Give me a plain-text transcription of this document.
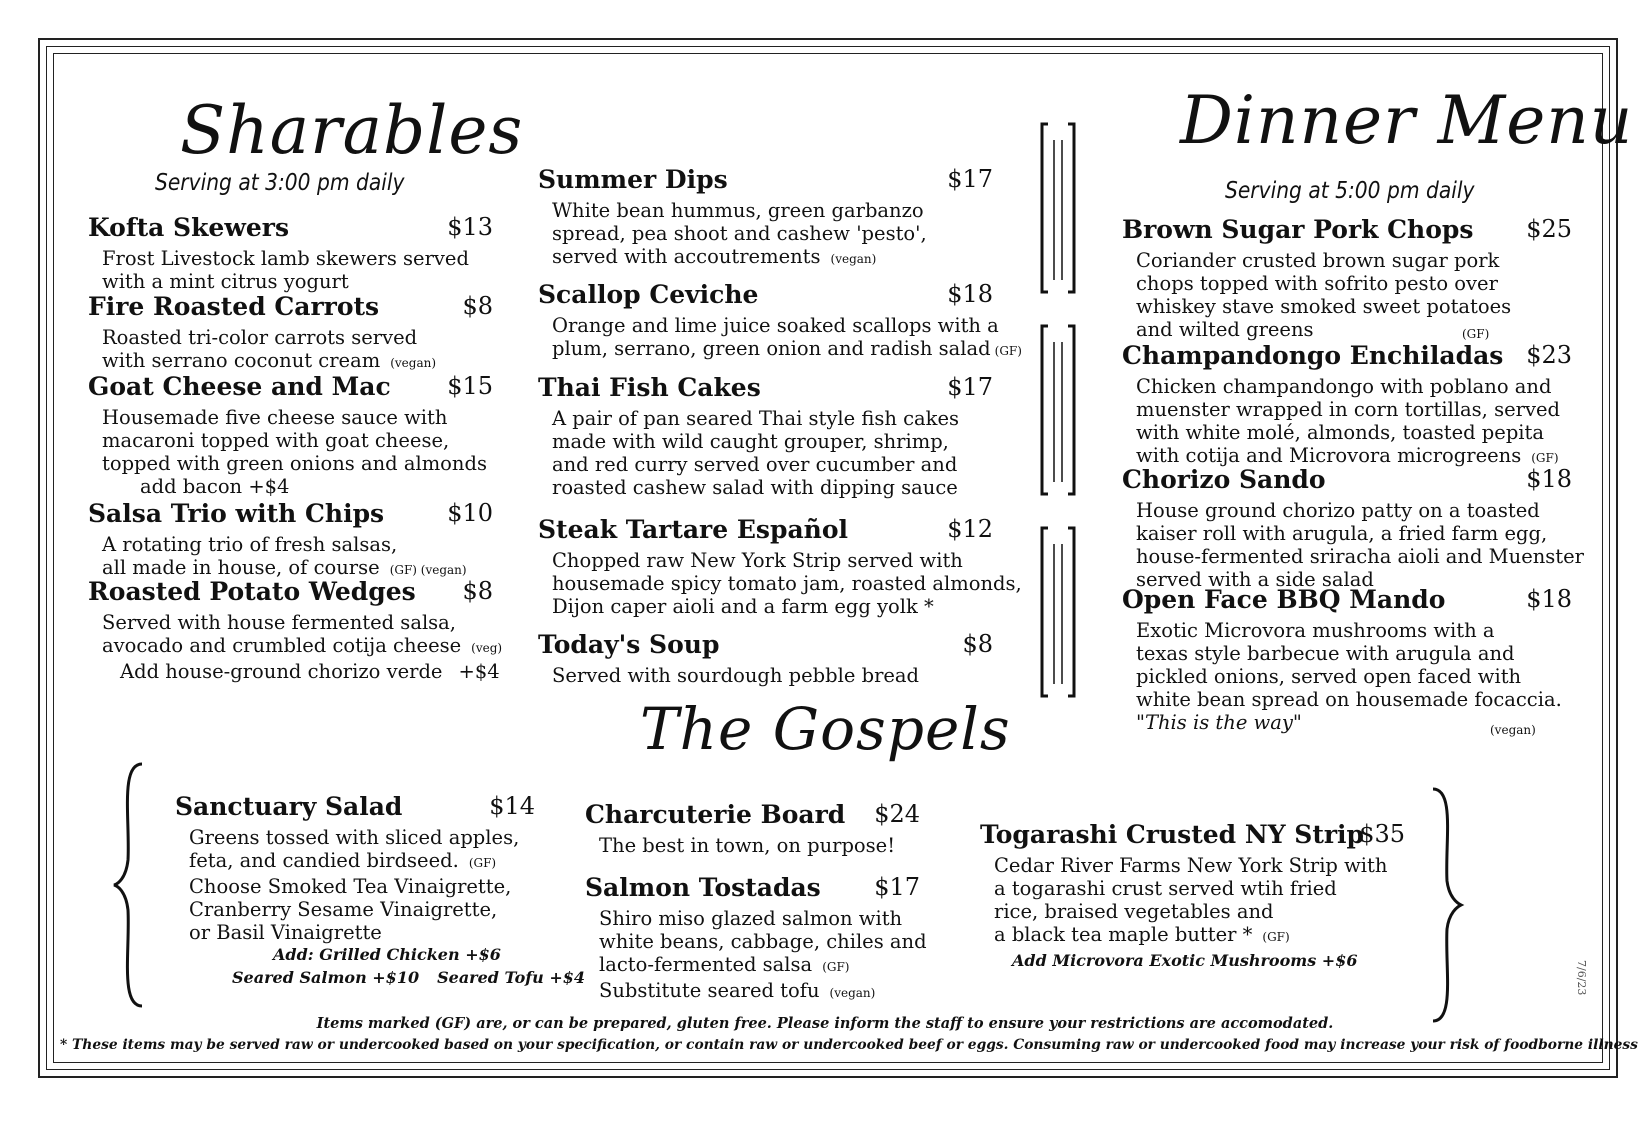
Sharables
Serving at 3:00 pm daily
Dinner Menu
Serving at 5:00 pm daily
The Gospels
Kofta Skewers	$13
Frost Livestock lamb skewers served
with a mint citrus yogurt
Fire Roasted Carrots	$8
Roasted tri-color carrots served
with serrano coconut cream (vegan)
Goat Cheese and Mac $15
Housemade five cheese sauce with
macaroni topped with goat cheese,
topped with green onions and almonds
add bacon +$4
Salsa Trio with Chips	$10
A rotating trio of fresh salsas,
all made in house, of course (GF) (vegan)
Roasted Potato Wedges $8
Served with house fermented salsa,
avocado and crumbled cotija cheese (veg)
Add house-ground chorizo verde +$4
Summer Dips	$17
White bean hummus, green garbanzo
spread, pea shoot and cashew 'pesto',
served with accoutrements (vegan)
Scallop Ceviche	$18
Orange and lime juice soaked scallops with a
plum, serrano, green onion and radish salad (GF)
Thai Fish Cakes	$17
A pair of pan seared Thai style fish cakes
made with wild caught grouper, shrimp,
and red curry served over cucumber and
roasted cashew salad with dipping sauce
Steak Tartare Español	$12
Chopped raw New York Strip served with
housemade spicy tomato jam, roasted almonds,
Dijon caper aioli and a farm egg yolk *
Today's Soup	$8
Served with sourdough pebble bread
Brown Sugar Pork Chops $25
Coriander crusted brown sugar pork
chops topped with sofrito pesto over
whiskey stave smoked sweet potatoes
and wilted greens	(GF)
Champandongo Enchiladas $23
Chicken champandongo with poblano and
muenster wrapped in corn tortillas, served
with white molé, almonds, toasted pepita
with cotija and Microvora microgreens (GF)
Chorizo Sando	$18
House ground chorizo patty on a toasted
kaiser roll with arugula, a fried farm egg,
house-fermented sriracha aioli and Muenster
served with a side salad
Open Face BBQ Mando	$18
Exotic Microvora mushrooms with a
texas style barbecue with arugula and
pickled onions, served open faced with
white bean spread on housemade focaccia.
"This is the way"	(vegan)
Sanctuary Salad	$14
Greens tossed with sliced apples,
feta, and candied birdseed. (GF)
Choose Smoked Tea Vinaigrette,
Cranberry Sesame Vinaigrette,
or Basil Vinaigrette
Add: Grilled Chicken +$6
Seared Salmon +$10 Seared Tofu +$4
Charcuterie Board $24
The best in town, on purpose!
Salmon Tostadas $17
Shiro miso glazed salmon with
white beans, cabbage, chiles and
lacto-fermented salsa (GF)
Substitute seared tofu (vegan)
Togarashi Crusted NY Strip
$35
Cedar River Farms New York Strip with
a togarashi crust served wtih fried
rice, braised vegetables and
a black tea maple butter * (GF)
Add Microvora Exotic Mushrooms +$6	7/6/23
Items marked (GF) are, or can be prepared, gluten free. Please inform the staff to ensure your restrictions are accomodated.
* These items may be served raw or undercooked based on your specification, or contain raw or undercooked beef or eggs. Consuming raw or undercooked food may increase your risk of foodborne illness
